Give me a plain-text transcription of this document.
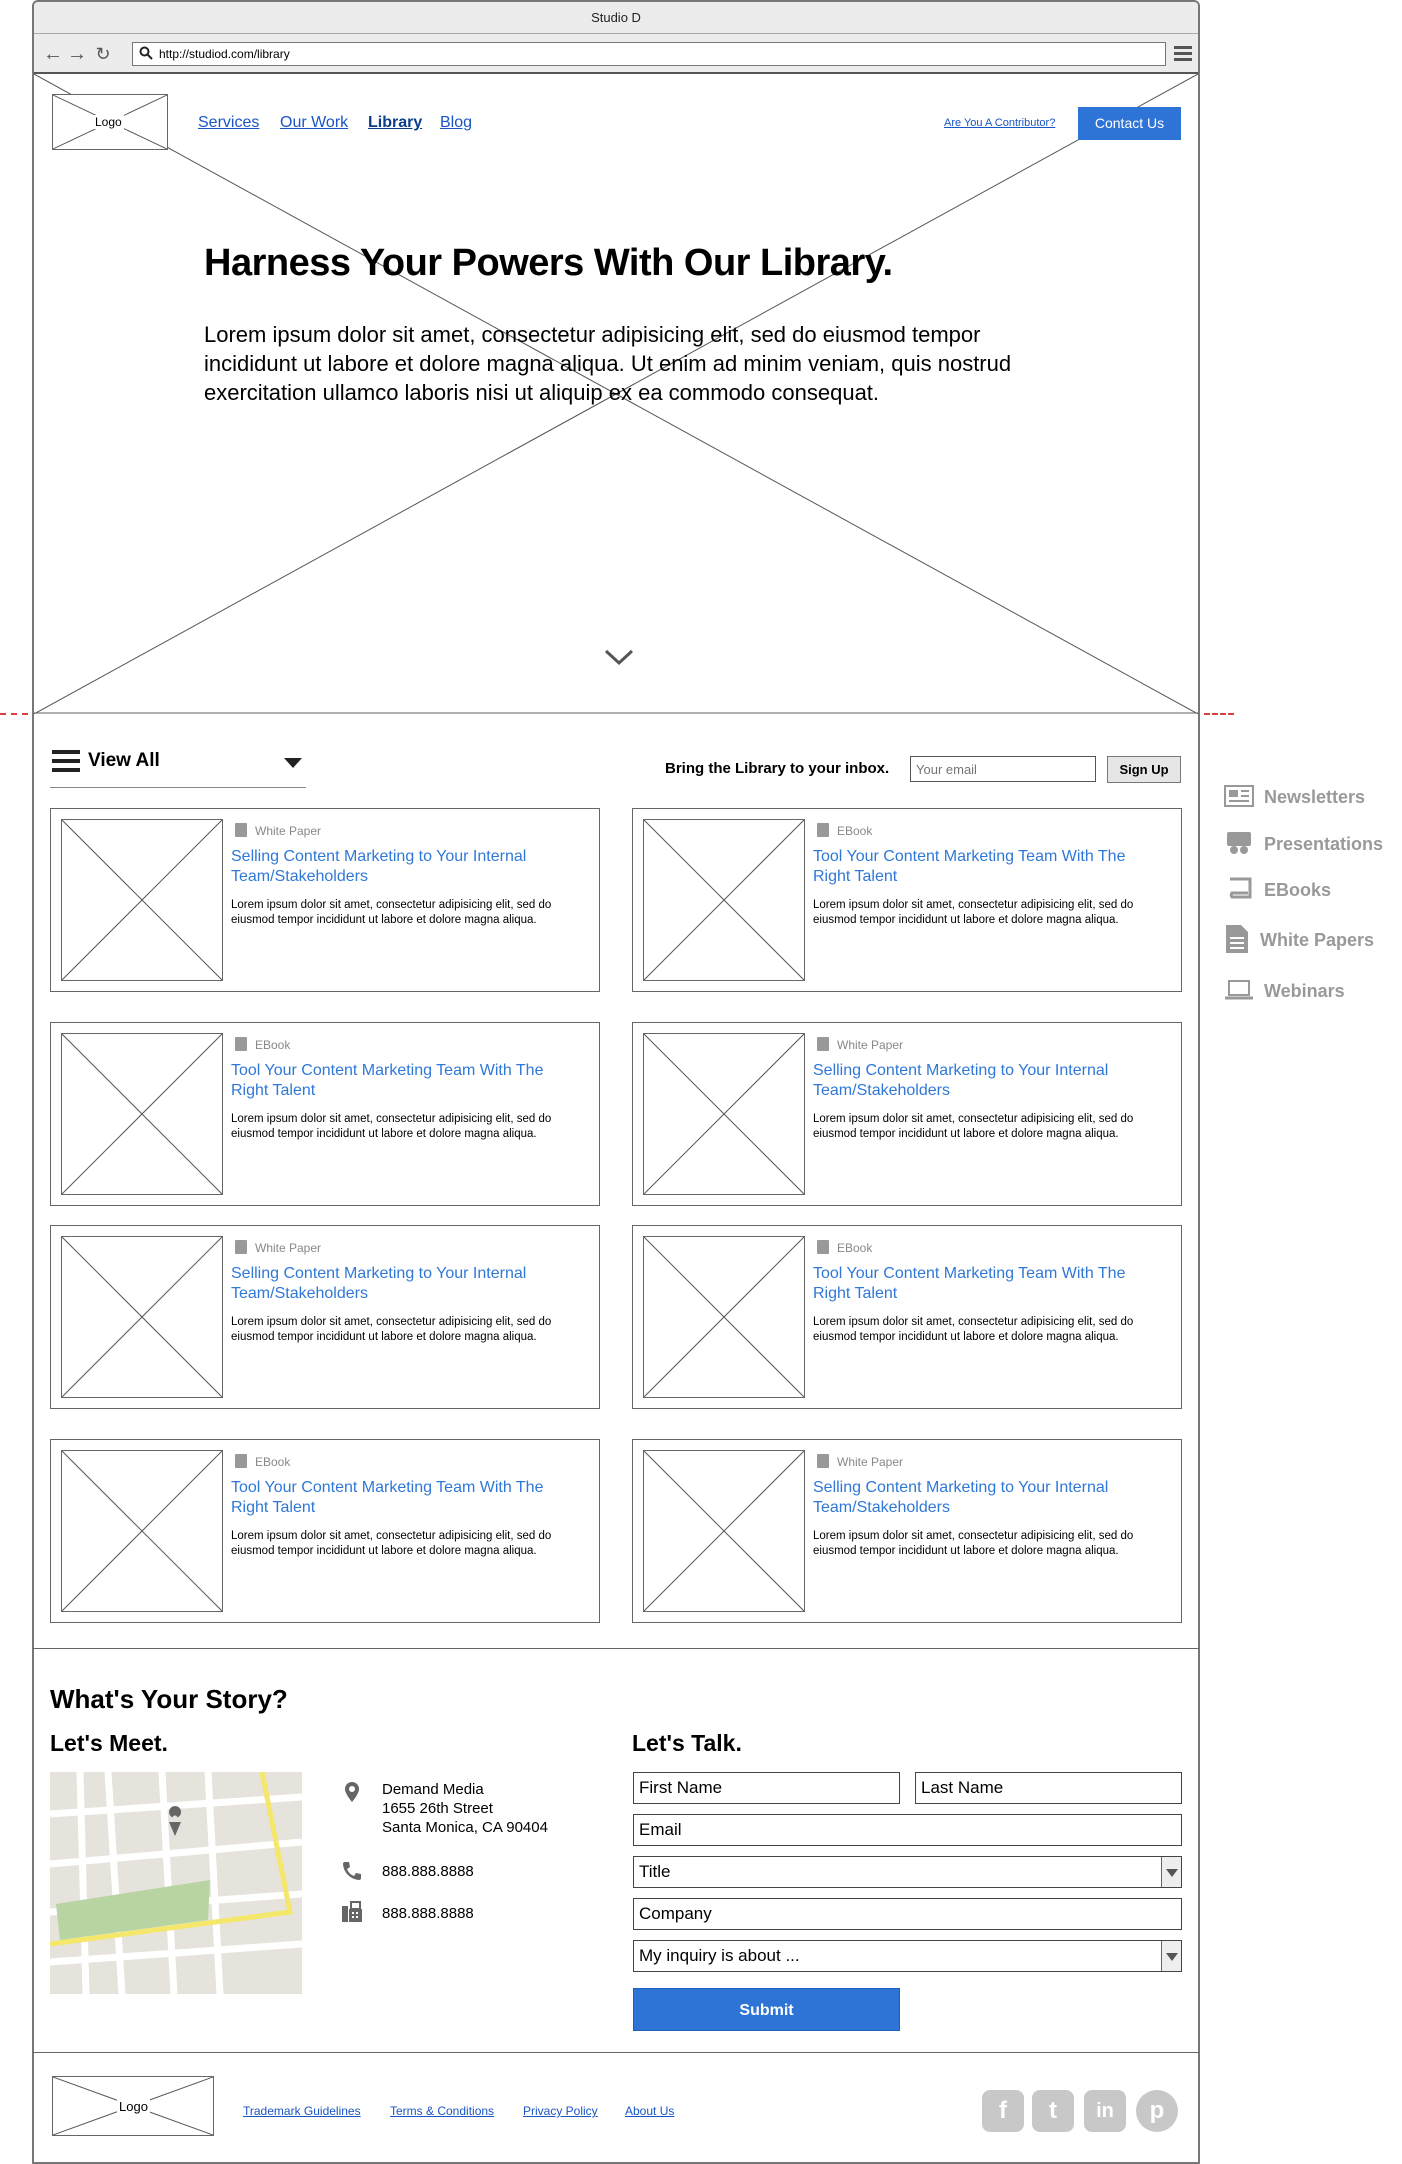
Studio D
← → ↻	http://studiod.com/library
Logo	Services Our Work Library Blog	Are You A Contributor?	Contact Us
Harness Your Powers With Our Library.
Lorem ipsum dolor sit amet, consectetur adipisicing elit, sed do eiusmod tempor incididunt ut labore et dolore magna aliqua. Ut enim ad minim veniam, quis nostrud exercitation ullamco laboris nisi ut aliquip ex ea commodo consequat.
View All	Bring the Library to your inbox.
Your email	Sign Up
White Paper
Selling Content Marketing to Your Internal Team/Stakeholders
Lorem ipsum dolor sit amet, consectetur adipisicing elit, sed do eiusmod tempor incididunt ut labore et dolore magna aliqua.
EBook
Tool Your Content Marketing Team With The Right Talent
Lorem ipsum dolor sit amet, consectetur adipisicing elit, sed do eiusmod tempor incididunt ut labore et dolore magna aliqua.
EBook
Tool Your Content Marketing Team With The Right Talent
Lorem ipsum dolor sit amet, consectetur adipisicing elit, sed do eiusmod tempor incididunt ut labore et dolore magna aliqua.
White Paper
Selling Content Marketing to Your Internal Team/Stakeholders
Lorem ipsum dolor sit amet, consectetur adipisicing elit, sed do eiusmod tempor incididunt ut labore et dolore magna aliqua.
White Paper
Selling Content Marketing to Your Internal Team/Stakeholders
Lorem ipsum dolor sit amet, consectetur adipisicing elit, sed do eiusmod tempor incididunt ut labore et dolore magna aliqua.
EBook
Tool Your Content Marketing Team With The Right Talent
Lorem ipsum dolor sit amet, consectetur adipisicing elit, sed do eiusmod tempor incididunt ut labore et dolore magna aliqua.
EBook
Tool Your Content Marketing Team With The Right Talent
Lorem ipsum dolor sit amet, consectetur adipisicing elit, sed do eiusmod tempor incididunt ut labore et dolore magna aliqua.
White Paper
Selling Content Marketing to Your Internal Team/Stakeholders
Lorem ipsum dolor sit amet, consectetur adipisicing elit, sed do eiusmod tempor incididunt ut labore et dolore magna aliqua.
Newsletters
Presentations
EBooks
White Papers
Webinars
What's Your Story?
Let's Meet.	Let's Talk.
Demand Media
1655 26th Street
Santa Monica, CA 90404
888.888.8888
888.888.8888
First Name	Last Name
Email
Title
Company
My inquiry is about ...
Submit
Logo	Trademark Guidelines Terms & Conditions Privacy Policy About Us	f	t	in	p
